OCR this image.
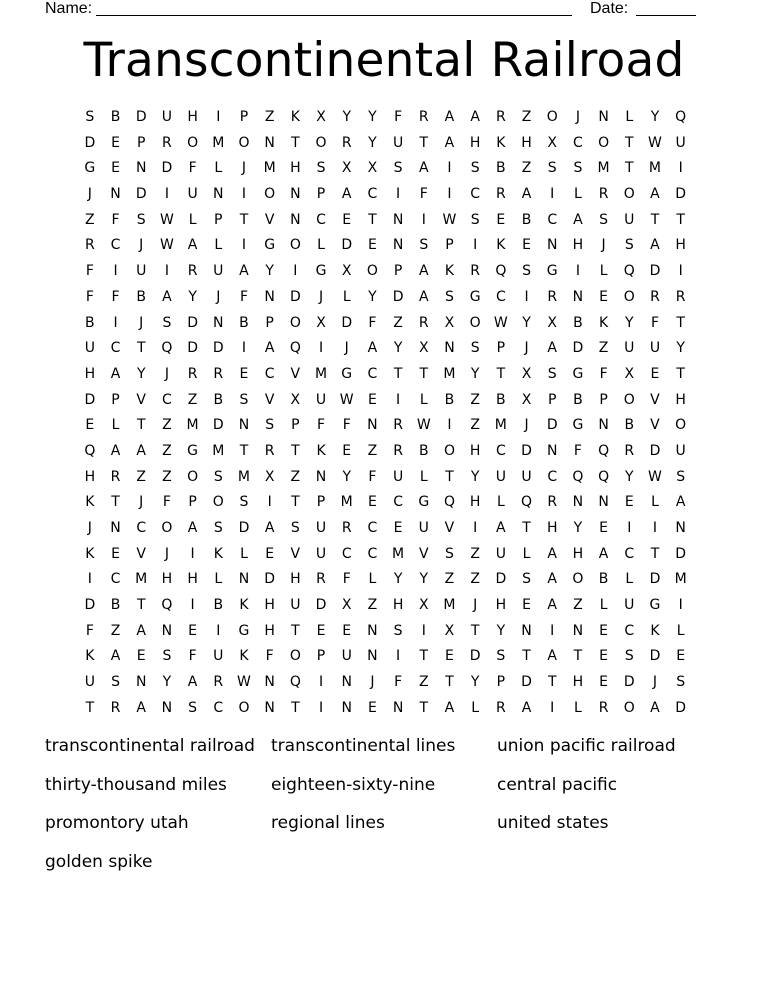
Name:	Date:
Transcontinental Railroad
S	B	D	U	H	I	P	Z	K	X	Y	Y	F	R	A	A	R	Z	O	J	N	L	Y	Q
D	E	P	R	O	M	O	N	T	O	R	Y	U	T	A	H	K	H	X	C	O	T	W U
G	E	N	D	F	L	J	M	H	S	X	X	S	A	I	S	B	Z	S	S	M	T	M	I
J	N	D	I	U	N	I	O	N	P	A	C	I	F	I	C	R	A	I	L	R	O	A	D
Z	F	S	W	L	P	T	V	N	C	E	T	N	I	W	S	E	B	C	A	S	U	T	T
R	C	J	W A	L	I	G	O	L	D	E	N	S	P	I	K	E	N	H	J	S	A	H
F	I	U	I	R	U	A	Y	I	G	X	O	P	A	K	R	Q	S	G	I	L	Q	D	I
F	F	B	A	Y	J	F	N	D	J	L	Y	D	A	S	G	C	I	R	N	E	O	R	R
B	I	J	S	D	N	B	P	O	X	D	F	Z	R	X	O W	Y	X	B	K	Y	F	T
U	C	T	Q	D	D	I	A	Q	I	J	A	Y	X	N	S	P	J	A	D	Z	U	U	Y
H	A	Y	J	R	R	E	C	V	M	G	C	T	T	M	Y	T	X	S	G	F	X	E	T
D	P	V	C	Z	B	S	V	X	U W	E	I	L	B	Z	B	X	P	B	P	O	V	H
E	L	T	Z	M	D	N	S	P	F	F	N	R W	I	Z	M	J	D	G	N	B	V	O
Q	A	A	Z	G	M	T	R	T	K	E	Z	R	B	O	H	C	D	N	F	Q	R	D	U
H	R	Z	Z	O	S	M	X	Z	N	Y	F	U	L	T	Y	U	U	C	Q	Q	Y	W	S
K	T	J	F	P	O	S	I	T	P	M	E	C	G	Q	H	L	Q	R	N	N	E	L	A
J	N	C	O	A	S	D	A	S	U	R	C	E	U	V	I	A	T	H	Y	E	I	I	N
K	E	V	J	I	K	L	E	V	U	C	C	M	V	S	Z	U	L	A	H	A	C	T	D
I	C	M	H	H	L	N	D	H	R	F	L	Y	Y	Z	Z	D	S	A	O	B	L	D	M
D	B	T	Q	I	B	K	H	U	D	X	Z	H	X	M	J	H	E	A	Z	L	U	G	I
F	Z	A	N	E	I	G	H	T	E	E	N	S	I	X	T	Y	N	I	N	E	C	K	L
K	A	E	S	F	U	K	F	O	P	U	N	I	T	E	D	S	T	A	T	E	S	D	E
U	S	N	Y	A	R W N	Q	I	N	J	F	Z	T	Y	P	D	T	H	E	D	J	S
T	R	A	N	S	C	O	N	T	I	N	E	N	T	A	L	R	A	I	L	R	O	A	D
transcontinental railroad transcontinental lines	union pacific railroad
thirty-thousand miles	eighteen-sixty-nine	central pacific
promontory utah	regional lines	united states
golden spike
